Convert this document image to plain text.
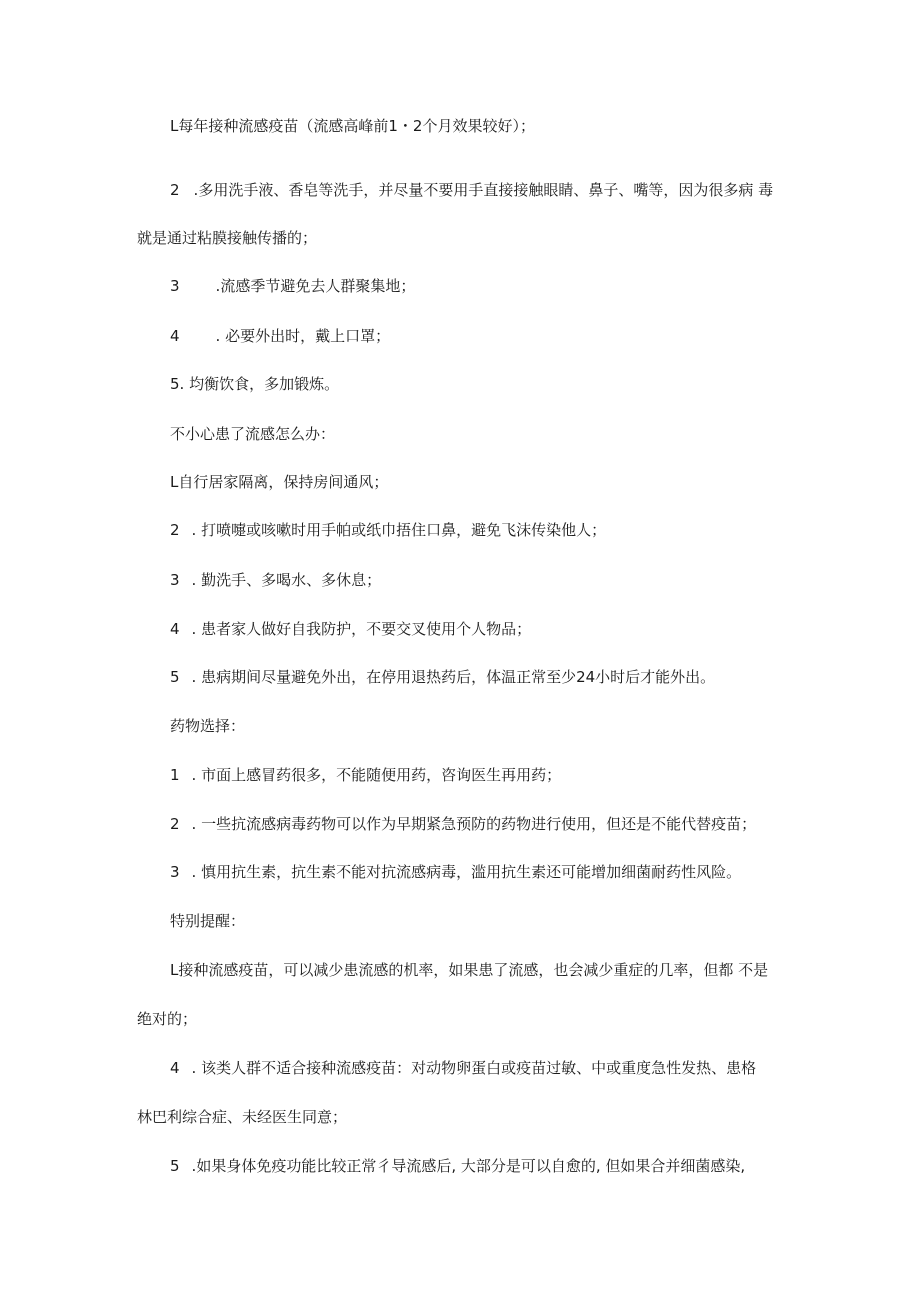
L每年接种流感疫苗（流感高峰前1・2个月效果较好）；
2 .多用洗手液、香皂等洗手，并尽量不要用手直接接触眼睛、鼻子、嘴等，因为很多病 毒
就是通过粘膜接触传播的；
3 .流感季节避免去人群聚集地；
4 . 必要外出时，戴上口罩；
5. 均衡饮食，多加锻炼。
不小心患了流感怎么办：
L自行居家隔离，保持房间通风；
2 . 打喷嚏或咳嗽时用手帕或纸巾捂住口鼻，避免飞沫传染他人；
3 . 勤洗手、多喝水、多休息；
4 . 患者家人做好自我防护，不要交叉使用个人物品；
5 . 患病期间尽量避免外出，在停用退热药后，体温正常至少24小时后才能外出。
药物选择：
1 . 市面上感冒药很多，不能随便用药，咨询医生再用药；
2 . 一些抗流感病毒药物可以作为早期紧急预防的药物进行使用，但还是不能代替疫苗；
3 . 慎用抗生素，抗生素不能对抗流感病毒，滥用抗生素还可能增加细菌耐药性风险。
特别提醒：
L接种流感疫苗，可以减少患流感的机率，如果患了流感，也会减少重症的几率，但都 不是
绝对的；
4 . 该类人群不适合接种流感疫苗：对动物卵蛋白或疫苗过敏、中或重度急性发热、患格
林巴利综合症、未经医生同意；
5 .如果身体免疫功能比较正常彳导流感后, 大部分是可以自愈的, 但如果合并细菌感染,
